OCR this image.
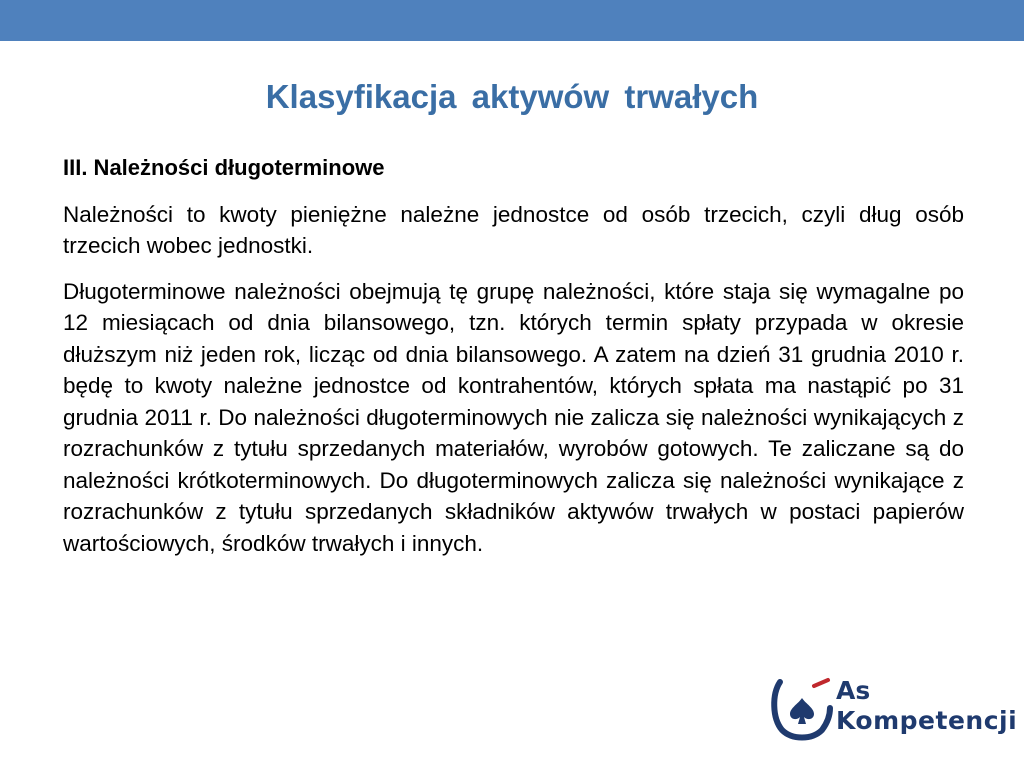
Klasyfikacja aktywów trwałych
III. Należności długoterminowe

Należności to kwoty pieniężne należne jednostce od osób trzecich, czyli dług osób trzecich wobec jednostki.

Długoterminowe należności obejmują tę grupę należności, które staja się wymagalne po 12 miesiącach od dnia bilansowego, tzn. których termin spłaty przypada w okresie dłuższym niż jeden rok, licząc od dnia bilansowego. A zatem na dzień 31 grudnia 2010 r. będę to kwoty należne jednostce od kontrahentów, których spłata ma nastąpić po 31 grudnia 2011 r. Do należności długoterminowych nie zalicza się należności wynikających z rozrachunków z tytułu sprzedanych materiałów, wyrobów gotowych. Te zaliczane są do należności krótkoterminowych. Do długoterminowych zalicza się należności wynikające z rozrachunków z tytułu sprzedanych składników aktywów trwałych w postaci papierów wartościowych, środków trwałych i innych.

As
Kompetencji
